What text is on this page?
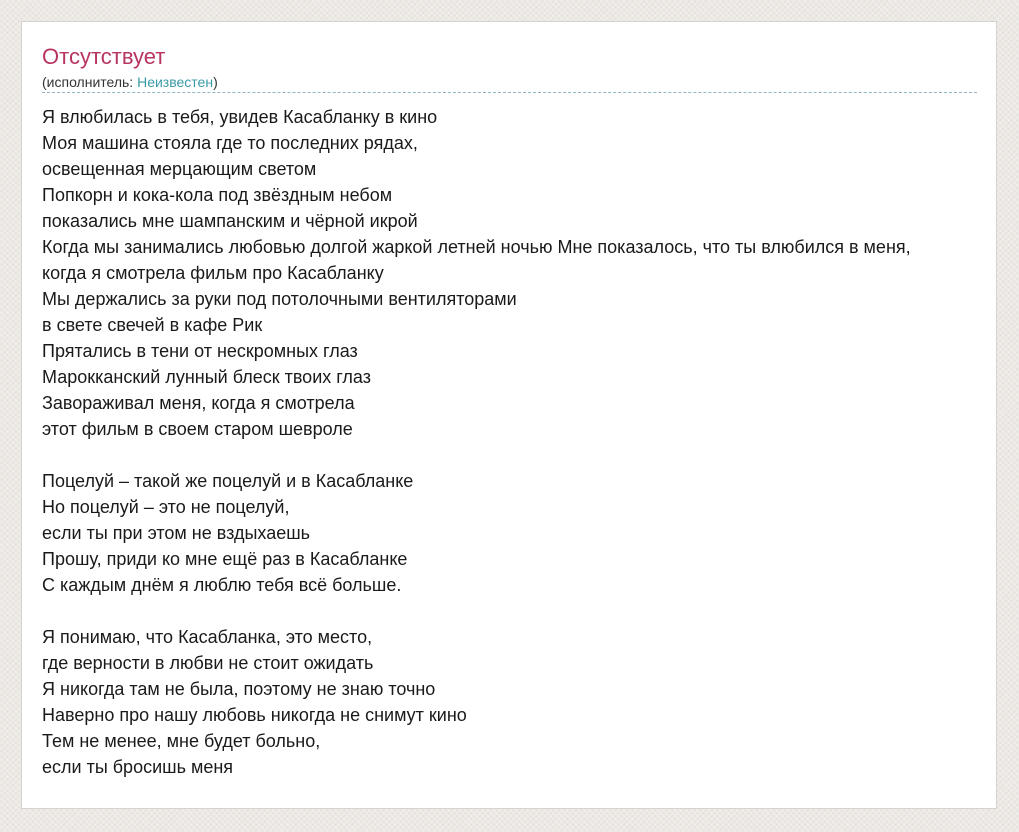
Отсутствует
(исполнитель: Неизвестен)
Я влюбилась в тебя, увидев Касабланку в кино
Моя машина стояла где то последних рядах,
освещенная мерцающим светом
Попкорн и кока-кола под звёздным небом
показались мне шампанским и чёрной икрой
Когда мы занимались любовью долгой жаркой летней ночью Мне показалось, что ты влюбился в меня,
когда я смотрела фильм про Касабланку
Мы держались за руки под потолочными вентиляторами
в свете свечей в кафе Рик
Прятались в тени от нескромных глаз
Марокканский лунный блеск твоих глаз
Завораживал меня, когда я смотрела
этот фильм в своем старом шевроле
Поцелуй – такой же поцелуй и в Касабланке
Но поцелуй – это не поцелуй,
если ты при этом не вздыхаешь
Прошу, приди ко мне ещё раз в Касабланке
С каждым днём я люблю тебя всё больше.
Я понимаю, что Касабланка, это место,
где верности в любви не стоит ожидать
Я никогда там не была, поэтому не знаю точно
Наверно про нашу любовь никогда не снимут кино
Тем не менее, мне будет больно,
если ты бросишь меня
